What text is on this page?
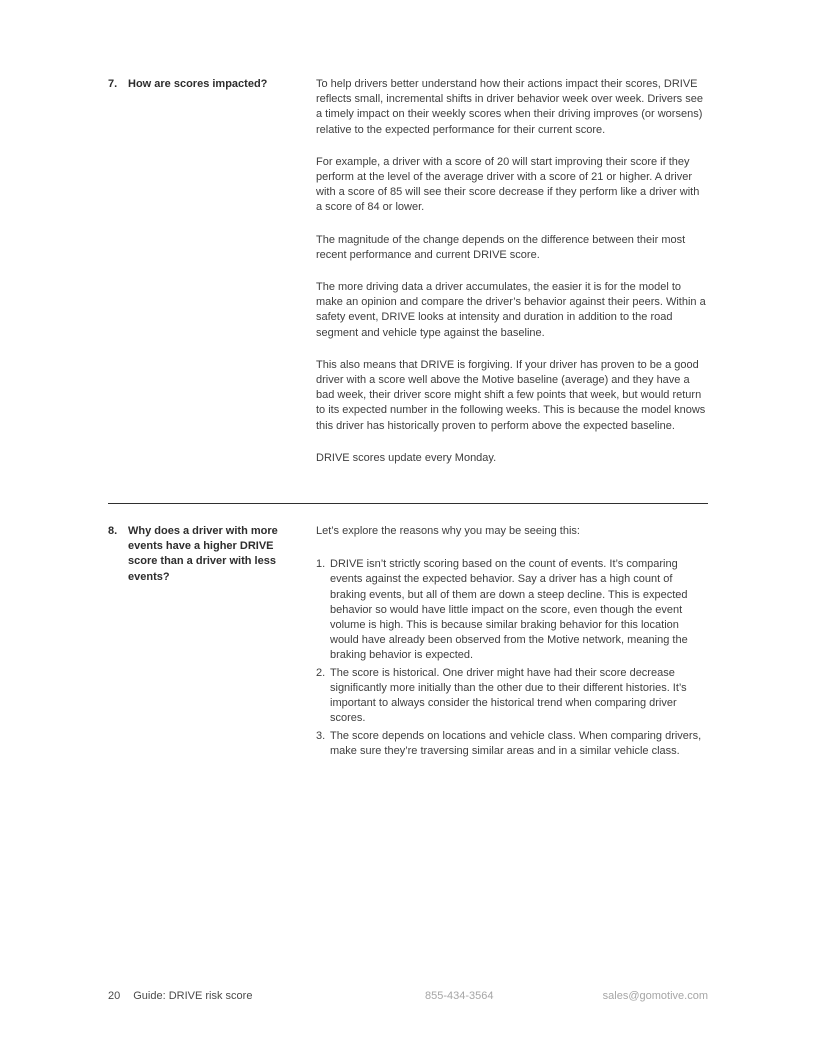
7. How are scores impacted?	To help drivers better understand how their actions impact their scores, DRIVE reflects small, incremental shifts in driver behavior week over week. Drivers see a timely impact on their weekly scores when their driving improves (or worsens) relative to the expected performance for their current score.

For example, a driver with a score of 20 will start improving their score if they perform at the level of the average driver with a score of 21 or higher. A driver with a score of 85 will see their score decrease if they perform like a driver with a score of 84 or lower.

The magnitude of the change depends on the difference between their most recent performance and current DRIVE score.

The more driving data a driver accumulates, the easier it is for the model to make an opinion and compare the driver’s behavior against their peers. Within a safety event, DRIVE looks at intensity and duration in addition to the road segment and vehicle type against the baseline.

This also means that DRIVE is forgiving. If your driver has proven to be a good driver with a score well above the Motive baseline (average) and they have a bad week, their driver score might shift a few points that week, but would return to its expected number in the following weeks. This is because the model knows this driver has historically proven to perform above the expected baseline.

DRIVE scores update every Monday.

8. Why does a driver with more events have a higher DRIVE score than a driver with less events?

Let’s explore the reasons why you may be seeing this:

DRIVE isn’t strictly scoring based on the count of events. It’s comparing events against the expected behavior. Say a driver has a high count of braking events, but all of them are down a steep decline. This is expected behavior so would have little impact on the score, even though the event volume is high. This is because similar braking behavior for this location would have already been observed from the Motive network, meaning the braking behavior is expected.
The score is historical. One driver might have had their score decrease significantly more initially than the other due to their different histories. It’s important to always consider the historical trend when comparing driver scores.
The score depends on locations and vehicle class. When comparing drivers, make sure they’re traversing similar areas and in a similar vehicle class.
20 Guide: DRIVE risk score	855-434-3564	sales@gomotive.com
